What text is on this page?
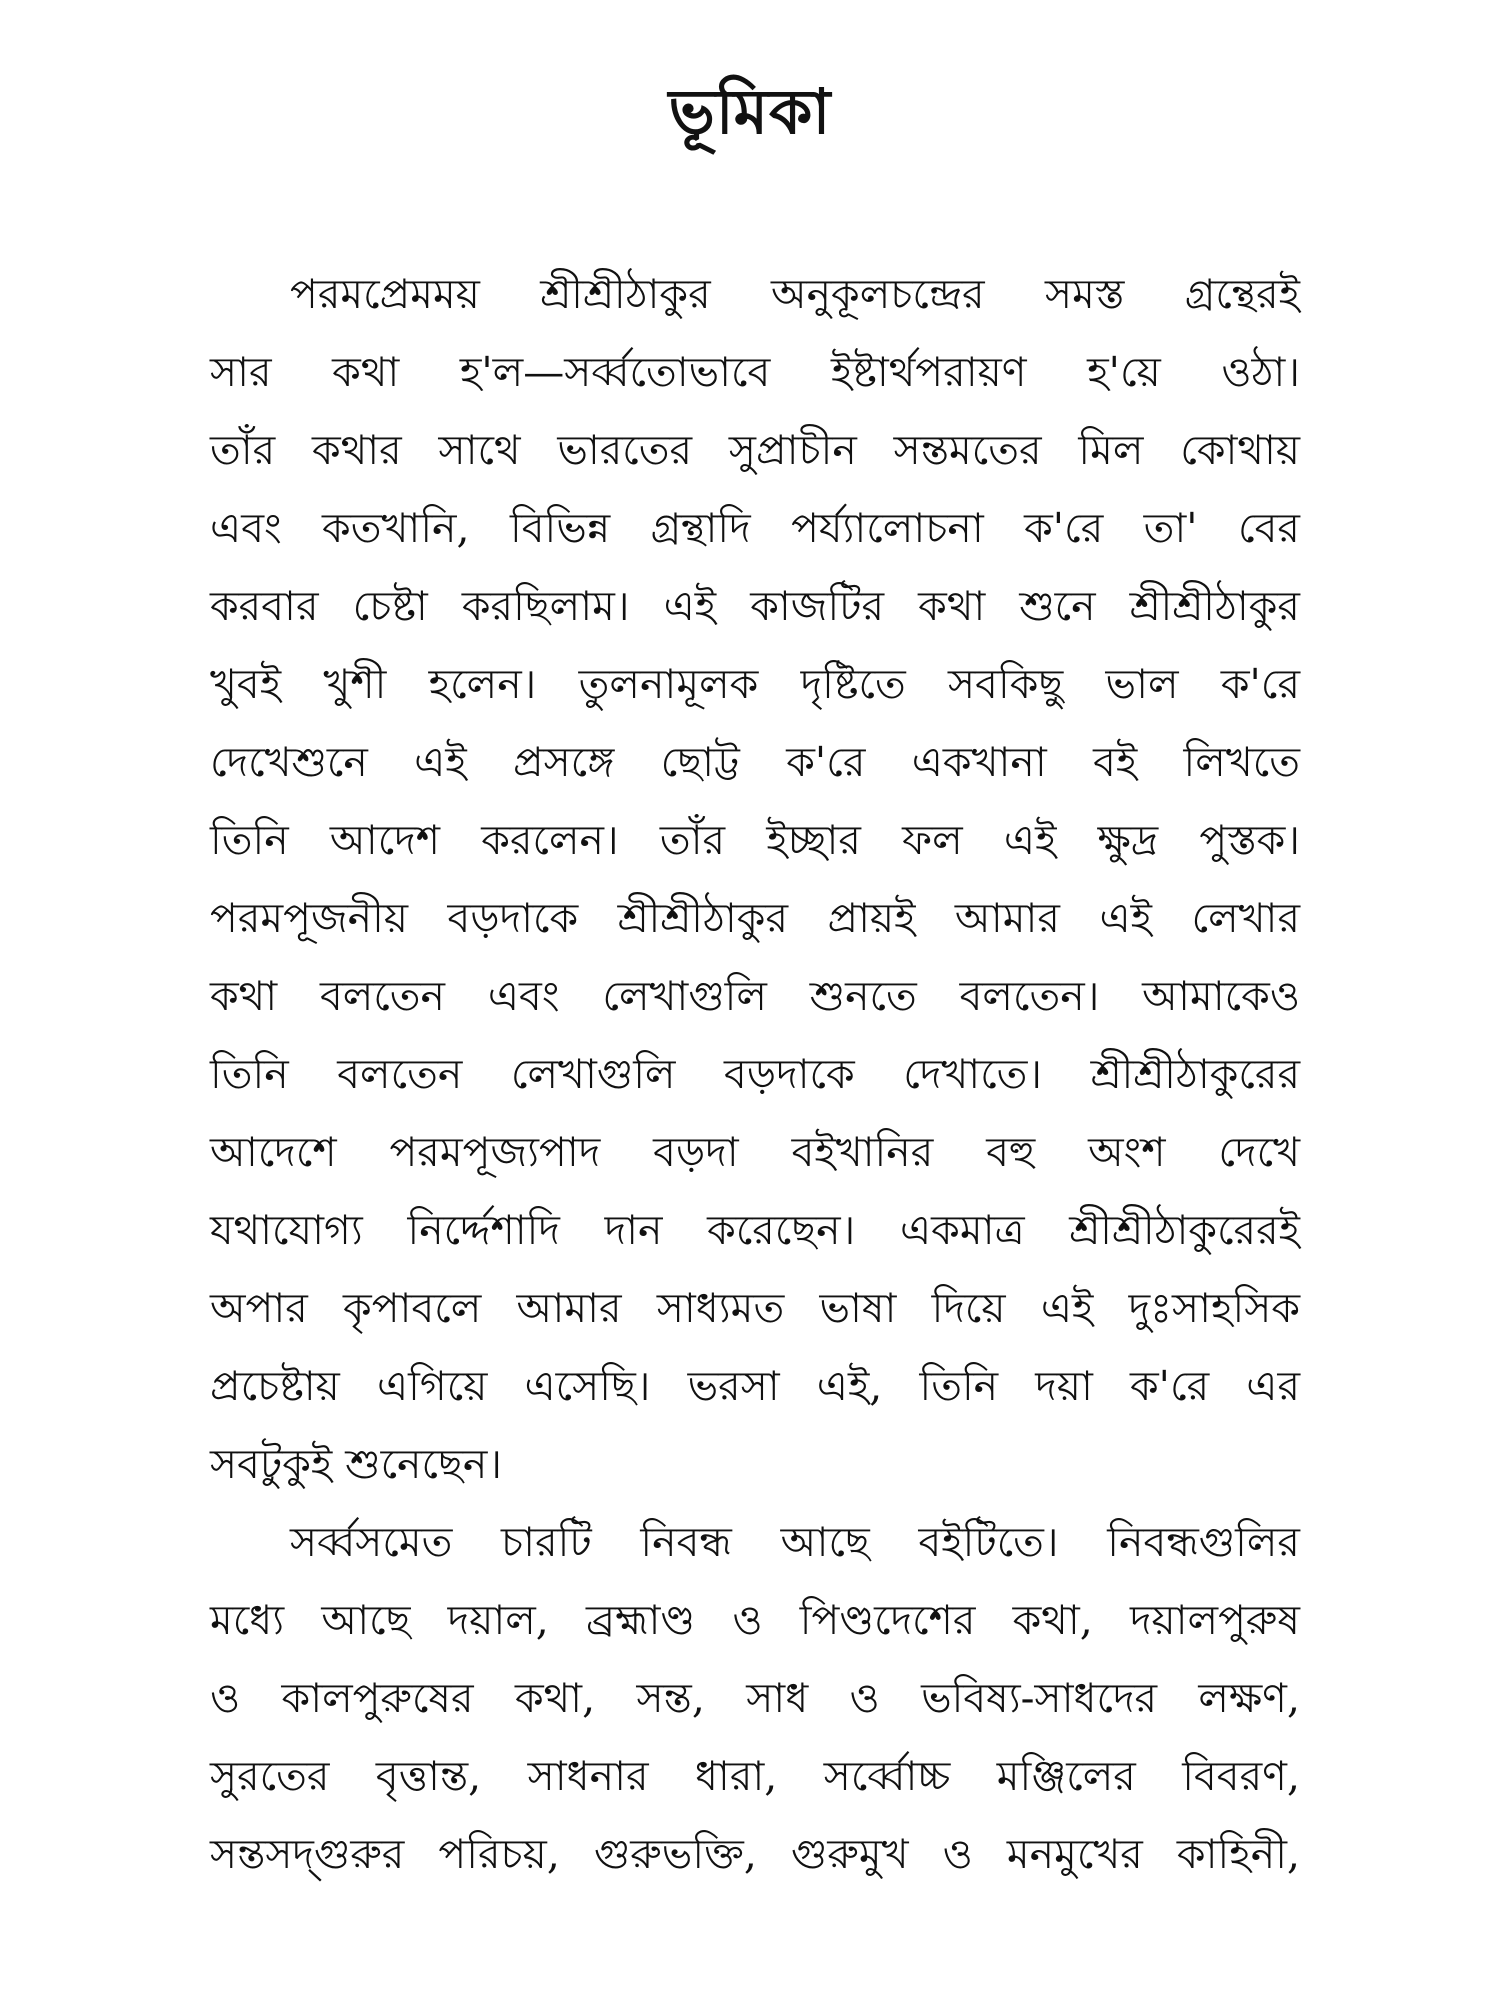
ভূমিকা
পরমপ্রেমময় শ্রীশ্রীঠাকুর অনুকূলচন্দ্রের সমস্ত গ্রন্থেরই
সার কথা হ'ল—সর্ব্বতোভাবে ইষ্টার্থপরায়ণ হ'য়ে ওঠা।
তাঁর কথার সাথে ভারতের সুপ্রাচীন সন্তমতের মিল কোথায়
এবং কতখানি, বিভিন্ন গ্রন্থাদি পর্য্যালোচনা ক'রে তা' বের
করবার চেষ্টা করছিলাম। এই কাজটির কথা শুনে শ্রীশ্রীঠাকুর
খুবই খুশী হলেন। তুলনামূলক দৃষ্টিতে সবকিছু ভাল ক'রে
দেখেশুনে এই প্রসঙ্গে ছোট্ট ক'রে একখানা বই লিখতে
তিনি আদেশ করলেন। তাঁর ইচ্ছার ফল এই ক্ষুদ্র পুস্তক।
পরমপূজনীয় বড়দাকে শ্রীশ্রীঠাকুর প্রায়ই আমার এই লেখার
কথা বলতেন এবং লেখাগুলি শুনতে বলতেন। আমাকেও
তিনি বলতেন লেখাগুলি বড়দাকে দেখাতে। শ্রীশ্রীঠাকুরের
আদেশে পরমপূজ্যপাদ বড়দা বইখানির বহু অংশ দেখে
যথাযোগ্য নির্দ্দেশাদি দান করেছেন। একমাত্র শ্রীশ্রীঠাকুরেরই
অপার কৃপাবলে আমার সাধ্যমত ভাষা দিয়ে এই দুঃসাহসিক
প্রচেষ্টায় এগিয়ে এসেছি। ভরসা এই, তিনি দয়া ক'রে এর
সবটুকুই শুনেছেন।
সর্ব্বসমেত চারটি নিবন্ধ আছে বইটিতে। নিবন্ধগুলির
মধ্যে আছে দয়াল, ব্রহ্মাণ্ড ও পিণ্ডদেশের কথা, দয়ালপুরুষ
ও কালপুরুষের কথা, সন্ত, সাধ ও ভবিষ্য-সাধদের লক্ষণ,
সুরতের বৃত্তান্ত, সাধনার ধারা, সর্ব্বোচ্চ মঞ্জিলের বিবরণ,
সন্তসদ্‌গুরুর পরিচয়, গুরুভক্তি, গুরুমুখ ও মনমুখের কাহিনী,
